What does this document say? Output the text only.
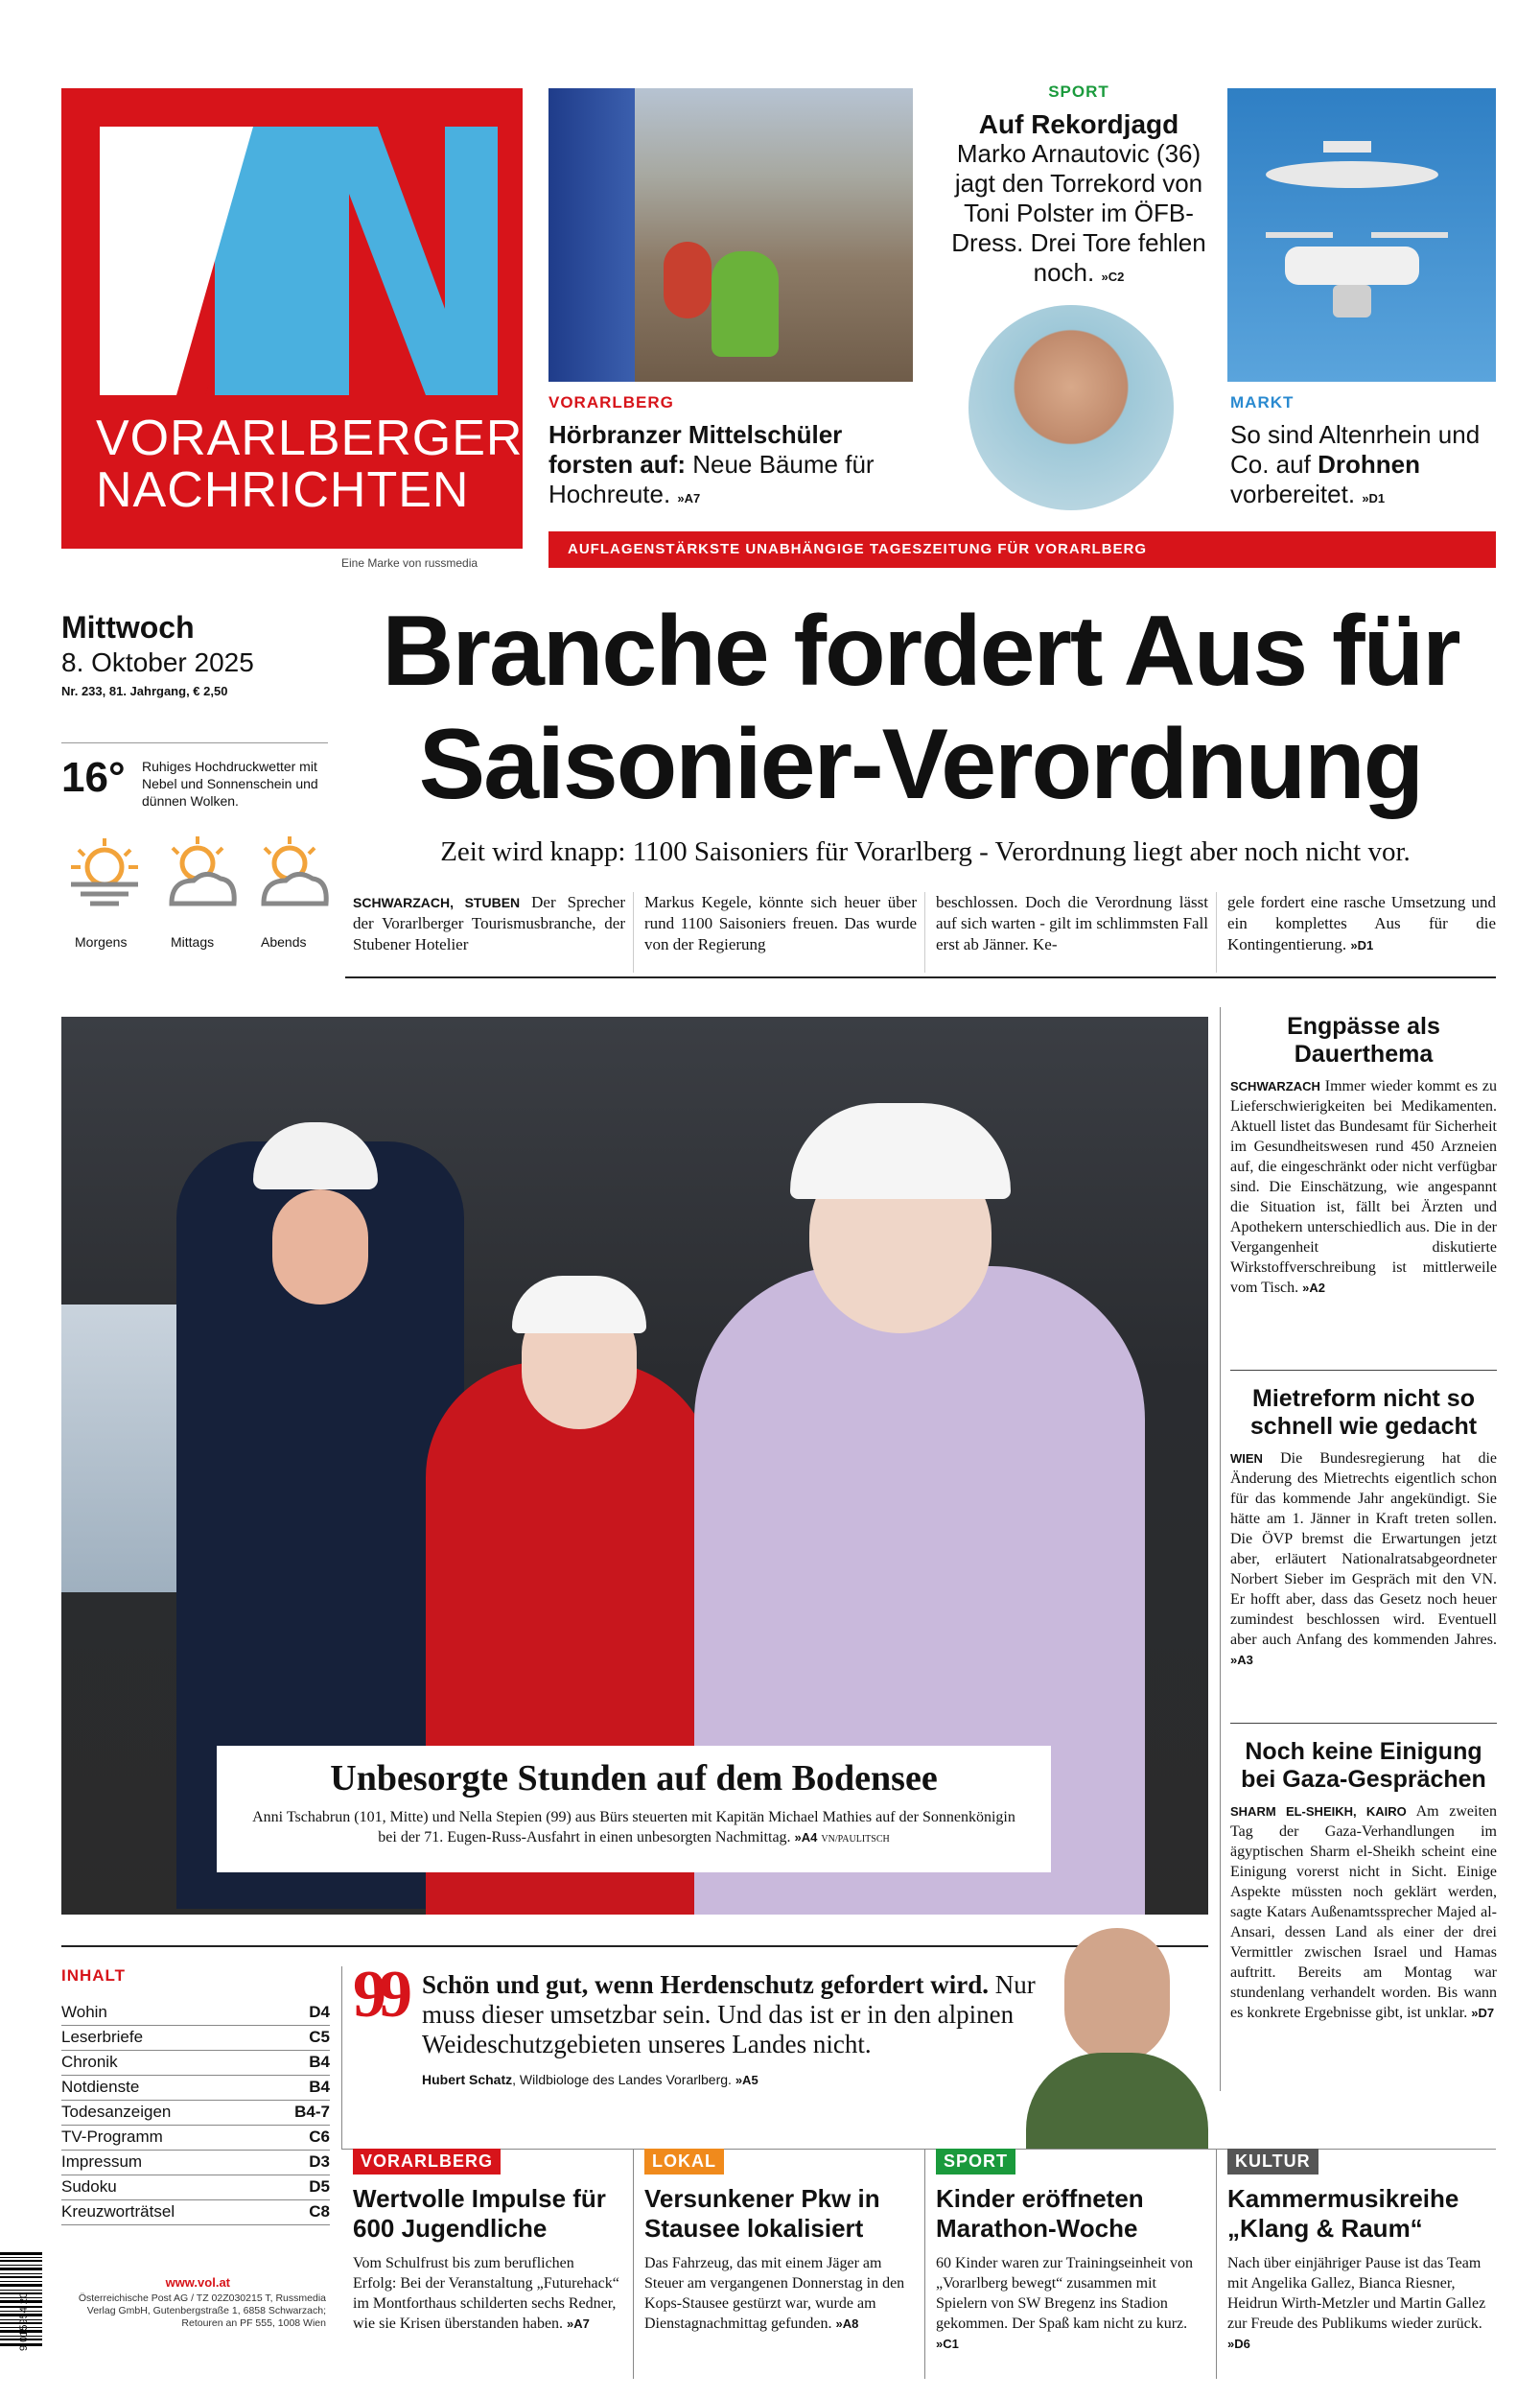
VORARLBERGER
NACHRICHTEN
Eine Marke von russmedia
VORARLBERG
Hörbranzer Mittelschüler forsten auf: Neue Bäume für Hochreute. »A7
SPORT
Auf Rekordjagd
Marko Arnautovic (36) jagt den Torrekord von Toni Polster im ÖFB-Dress. Drei Tore fehlen noch. »C2
MARKT
So sind Altenrhein und Co. auf Drohnen vorbereitet. »D1
AUFLAGENSTÄRKSTE UNABHÄNGIGE TAGESZEITUNG FÜR VORARLBERG
Mittwoch
8. Oktober 2025
Nr. 233, 81. Jahrgang, € 2,50
16° Ruhiges Hochdruckwetter mit Nebel und Sonnenschein und dünnen Wolken.
Morgens	Mittags	Abends
Branche fordert Aus für
Saisonier-Verordnung
Zeit wird knapp: 1100 Saisoniers für Vorarlberg - Verordnung liegt aber noch nicht vor.
SCHWARZACH, STUBEN Der Sprecher der Vorarlberger Tourismusbranche, der Stubener Hotelier
Markus Kegele, könnte sich heuer über rund 1100 Saisoniers freuen. Das wurde von der Regierung
beschlossen. Doch die Verordnung lässt auf sich warten - gilt im schlimmsten Fall erst ab Jänner. Ke-
gele fordert eine rasche Umsetzung und ein komplettes Aus für die Kontingentierung. »D1
Unbesorgte Stunden auf dem Bodensee
Anni Tschabrun (101, Mitte) und Nella Stepien (99) aus Bürs steuerten mit Kapitän Michael Mathies auf der Sonnenkönigin bei der 71. Eugen-Russ-Ausfahrt in einen unbesorgten Nachmittag. »A4 VN/PAULITSCH
Engpässe als Dauerthema
SCHWARZACH Immer wieder kommt es zu Lieferschwierigkeiten bei Medikamenten. Aktuell listet das Bundesamt für Sicherheit im Gesundheitswesen rund 450 Arzneien auf, die eingeschränkt oder nicht verfügbar sind. Die Einschätzung, wie angespannt die Situation ist, fällt bei Ärzten und Apothekern unterschiedlich aus. Die in der Vergangenheit diskutierte Wirkstoffverschreibung ist mittlerweile vom Tisch. »A2
Mietreform nicht so schnell wie gedacht
WIEN Die Bundesregierung hat die Änderung des Mietrechts eigentlich schon für das kommende Jahr angekündigt. Sie hätte am 1. Jänner in Kraft treten sollen. Die ÖVP bremst die Erwartungen jetzt aber, erläutert Nationalratsabgeordneter Norbert Sieber im Gespräch mit den VN. Er hofft aber, dass das Gesetz noch heuer zumindest beschlossen wird. Eventuell aber auch Anfang des kommenden Jahres. »A3
Noch keine Einigung bei Gaza-Gesprächen
SHARM EL-SHEIKH, KAIRO Am zweiten Tag der Gaza-Verhandlungen im ägyptischen Sharm el-Sheikh scheint eine Einigung vorerst nicht in Sicht. Einige Aspekte müssten noch geklärt werden, sagte Katars Außenamtssprecher Majed al-Ansari, dessen Land als einer der drei Vermittler zwischen Israel und Hamas auftritt. Bereits am Montag war stundenlang verhandelt worden. Bis wann es konkrete Ergebnisse gibt, ist unklar. »D7
INHALT
Wohin	D4
Leserbriefe	C5
Chronik	B4
Notdienste	B4
Todesanzeigen	B4-7
TV-Programm	C6
Impressum	D3
Sudoku	D5
Kreuzworträtsel	C8
99 Schön und gut, wenn Herdenschutz gefordert wird. Nur muss dieser umsetzbar sein. Und das ist er in den alpinen Weideschutzgebieten unseres Landes nicht.
Hubert Schatz, Wildbiologe des Landes Vorarlberg. »A5
VORARLBERG
Wertvolle Impulse für 600 Jugendliche
Vom Schulfrust bis zum beruflichen Erfolg: Bei der Veranstaltung „Futurehack“ im Montforthaus schilderten sechs Redner, wie sie Krisen überstanden haben. »A7
LOKAL
Versunkener Pkw in Stausee lokalisiert
Das Fahrzeug, das mit einem Jäger am Steuer am vergangenen Donnerstag in den Kops-Stausee gestürzt war, wurde am Dienstagnachmittag gefunden. »A8
SPORT
Kinder eröffneten Marathon-Woche
60 Kinder waren zur Trainingseinheit von „Vorarlberg bewegt“ zusammen mit Spielern von SW Bregenz ins Stadion gekommen. Der Spaß kam nicht zu kurz. »C1
KULTUR
Kammermusikreihe „Klang & Raum“
Nach über einjähriger Pause ist das Team mit Angelika Gallez, Bianca Riesner, Heidrun Wirth-Metzler und Martin Gallez zur Freude des Publikums wieder zurück. »D6
9 015954 20
www.vol.at
Österreichische Post AG / TZ 02Z030215 T, Russmedia Verlag GmbH, Gutenbergstraße 1, 6858 Schwarzach; Retouren an PF 555, 1008 Wien
